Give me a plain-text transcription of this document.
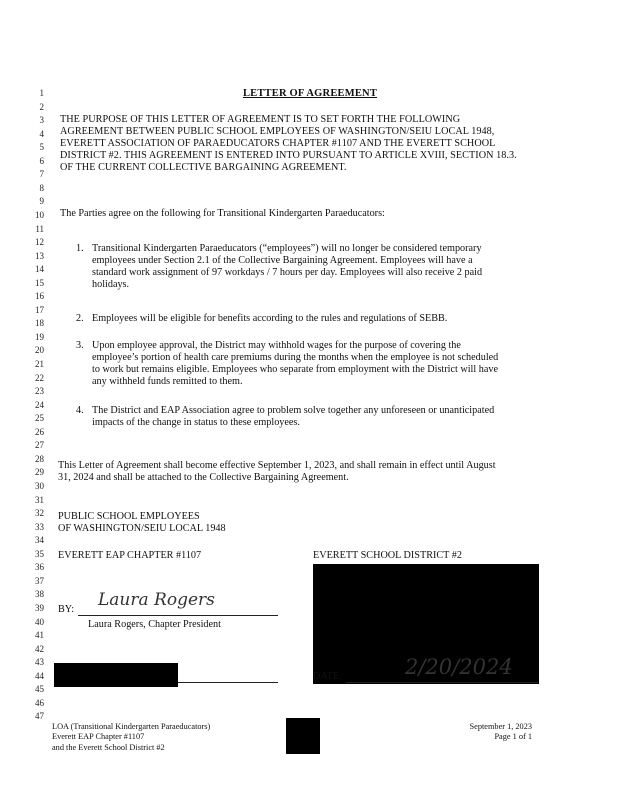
1
2
3
4
5
6
7
8
9
10
11
12
13
14
15
16
17
18
19
20
21
22
23
24
25
26
27
28
29
30
31
32
33
34
35
36
37
38
39
40
41
42
43
44
45
46
47
LETTER OF AGREEMENT
THE PURPOSE OF THIS LETTER OF AGREEMENT IS TO SET FORTH THE FOLLOWING
AGREEMENT BETWEEN PUBLIC SCHOOL EMPLOYEES OF WASHINGTON/SEIU LOCAL 1948,
EVERETT ASSOCIATION OF PARAEDUCATORS CHAPTER #1107 AND THE EVERETT SCHOOL
DISTRICT #2. THIS AGREEMENT IS ENTERED INTO PURSUANT TO ARTICLE XVIII, SECTION 18.3.
OF THE CURRENT COLLECTIVE BARGAINING AGREEMENT.
The Parties agree on the following for Transitional Kindergarten Paraeducators:
1. Transitional Kindergarten Paraeducators (“employees”) will no longer be considered temporary
employees under Section 2.1 of the Collective Bargaining Agreement. Employees will have a
standard work assignment of 97 workdays / 7 hours per day. Employees will also receive 2 paid
holidays.
2. Employees will be eligible for benefits according to the rules and regulations of SEBB.
3. Upon employee approval, the District may withhold wages for the purpose of covering the
employee’s portion of health care premiums during the months when the employee is not scheduled
to work but remains eligible. Employees who separate from employment with the District will have
any withheld funds remitted to them.
4. The District and EAP Association agree to problem solve together any unforeseen or unanticipated
impacts of the change in status to these employees.
This Letter of Agreement shall become effective September 1, 2023, and shall remain in effect until August
31, 2024 and shall be attached to the Collective Bargaining Agreement.
PUBLIC SCHOOL EMPLOYEES
OF WASHINGTON/SEIU LOCAL 1948
EVERETT EAP CHAPTER #1107	EVERETT SCHOOL DISTRICT #2
BY: Laura Rogers
Laura Rogers, Chapter President
DATE:	2/20/2024
LOA (Transitional Kindergarten Paraeducators)
Everett EAP Chapter #1107
and the Everett School District #2
September 1, 2023
Page 1 of 1
